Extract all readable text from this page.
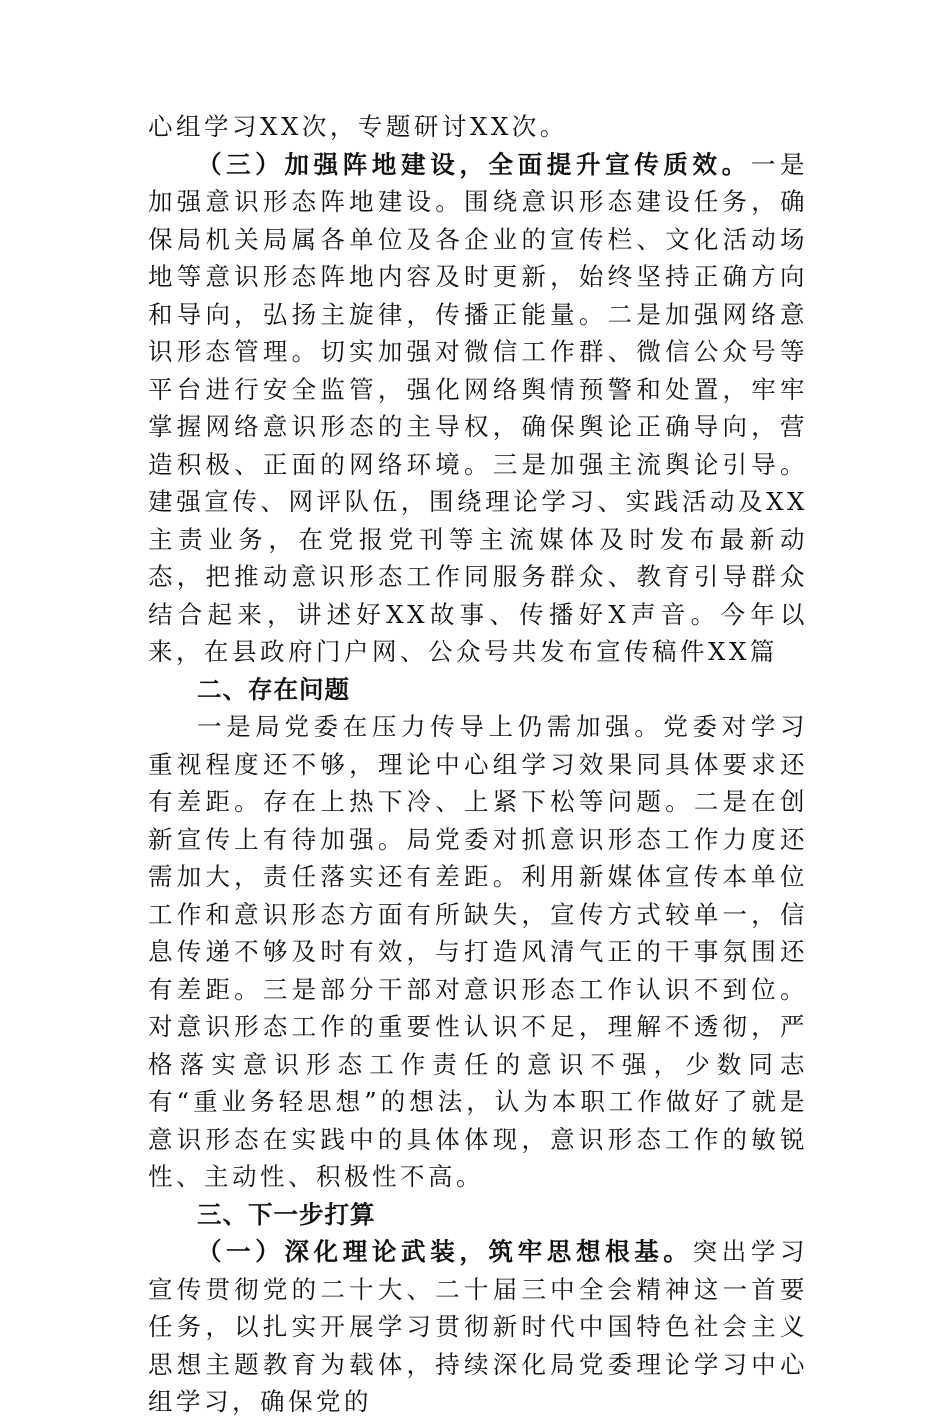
心组学习XX次，专题研讨XX次。

（三）加强阵地建设，全面提升宣传质效。一是加强意识形态阵地建设。围绕意识形态建设任务，确保局机关局属各单位及各企业的宣传栏、文化活动场地等意识形态阵地内容及时更新，始终坚持正确方向和导向，弘扬主旋律，传播正能量。二是加强网络意识形态管理。切实加强对微信工作群、微信公众号等平台进行安全监管，强化网络舆情预警和处置，牢牢掌握网络意识形态的主导权，确保舆论正确导向，营造积极、正面的网络环境。三是加强主流舆论引导。建强宣传、网评队伍，围绕理论学习、实践活动及XX主责业务，在党报党刊等主流媒体及时发布最新动态，把推动意识形态工作同服务群众、教育引导群众结合起来，讲述好XX故事、传播好X声音。今年以来，在县政府门户网、公众号共发布宣传稿件XX篇

二、存在问题

一是局党委在压力传导上仍需加强。党委对学习重视程度还不够，理论中心组学习效果同具体要求还有差距。存在上热下冷、上紧下松等问题。二是在创新宣传上有待加强。局党委对抓意识形态工作力度还需加大，责任落实还有差距。利用新媒体宣传本单位工作和意识形态方面有所缺失，宣传方式较单一，信息传递不够及时有效，与打造风清气正的干事氛围还有差距。三是部分干部对意识形态工作认识不到位。对意识形态工作的重要性认识不足，理解不透彻，严格落实意识形态工作责任的意识不强，少数同志有“重业务轻思想”的想法，认为本职工作做好了就是意识形态在实践中的具体体现，意识形态工作的敏锐性、主动性、积极性不高。

三、下一步打算

（一）深化理论武装，筑牢思想根基。突出学习宣传贯彻党的二十大、二十届三中全会精神这一首要任务，以扎实开展学习贯彻新时代中国特色社会主义思想主题教育为载体，持续深化局党委理论学习中心组学习，确保党的
